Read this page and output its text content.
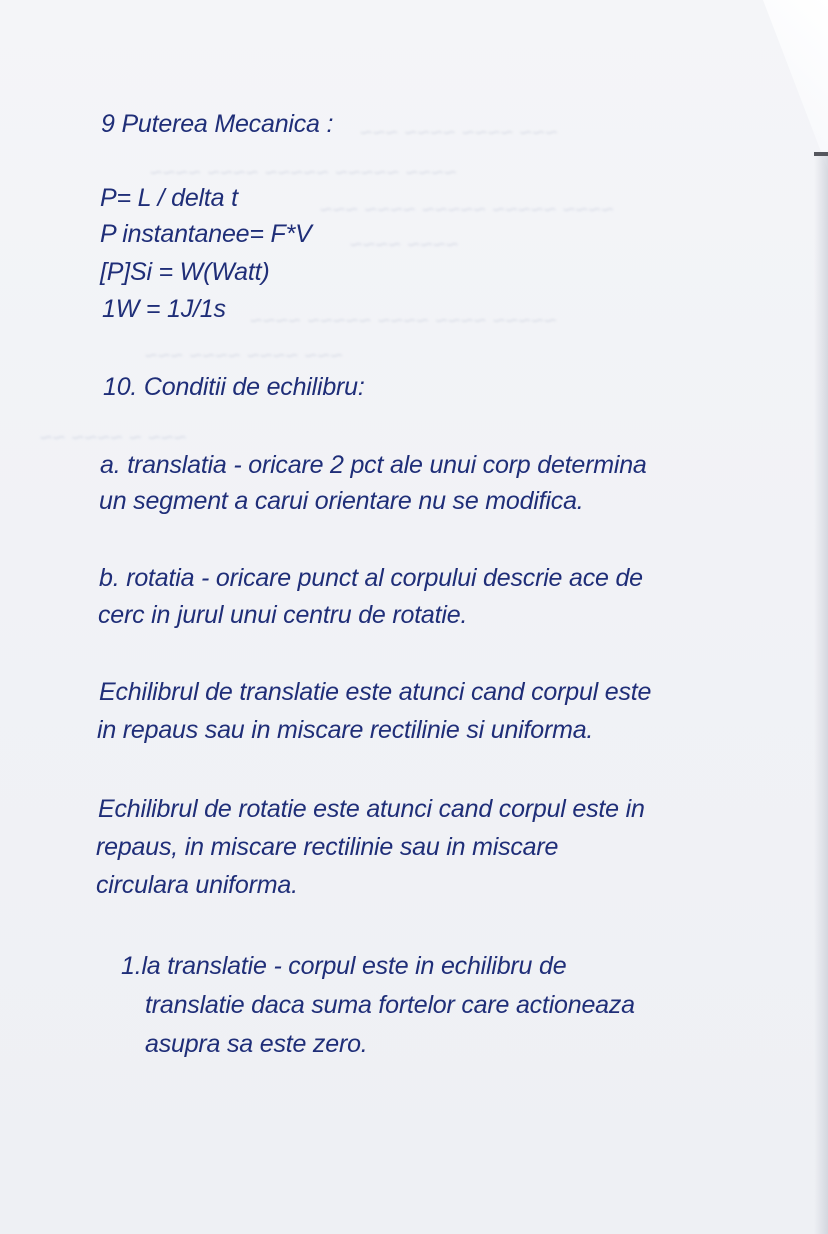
~~~ ~~~~ ~~~~ ~~~
~~~~ ~~~~~ ~~~~~ ~~~~ ~~~~
~~~~ ~~~~~ ~~~~~ ~~~~ ~~~
~~~~ ~~~~
~~~~~ ~~~~ ~~~~ ~~~~~ ~~~~
~~~ ~~~~ ~~~~ ~~~
~~~ ~ ~~~~ ~~
9 Puterea Mecanica :
P= L / delta t
P instantanee= F*V
[P]Si = W(Watt)
1W = 1J/1s
10. Conditii de echilibru:
a. translatia - oricare 2 pct ale unui corp determina
un segment a carui orientare nu se modifica.
b. rotatia - oricare punct al corpului descrie ace de
cerc in jurul unui centru de rotatie.
Echilibrul de translatie este atunci cand corpul este
in repaus sau in miscare rectilinie si uniforma.
Echilibrul de rotatie este atunci cand corpul este in
repaus, in miscare rectilinie sau in miscare
circulara uniforma.
1.la translatie - corpul este in echilibru de
translatie daca suma fortelor care actioneaza
asupra sa este zero.
